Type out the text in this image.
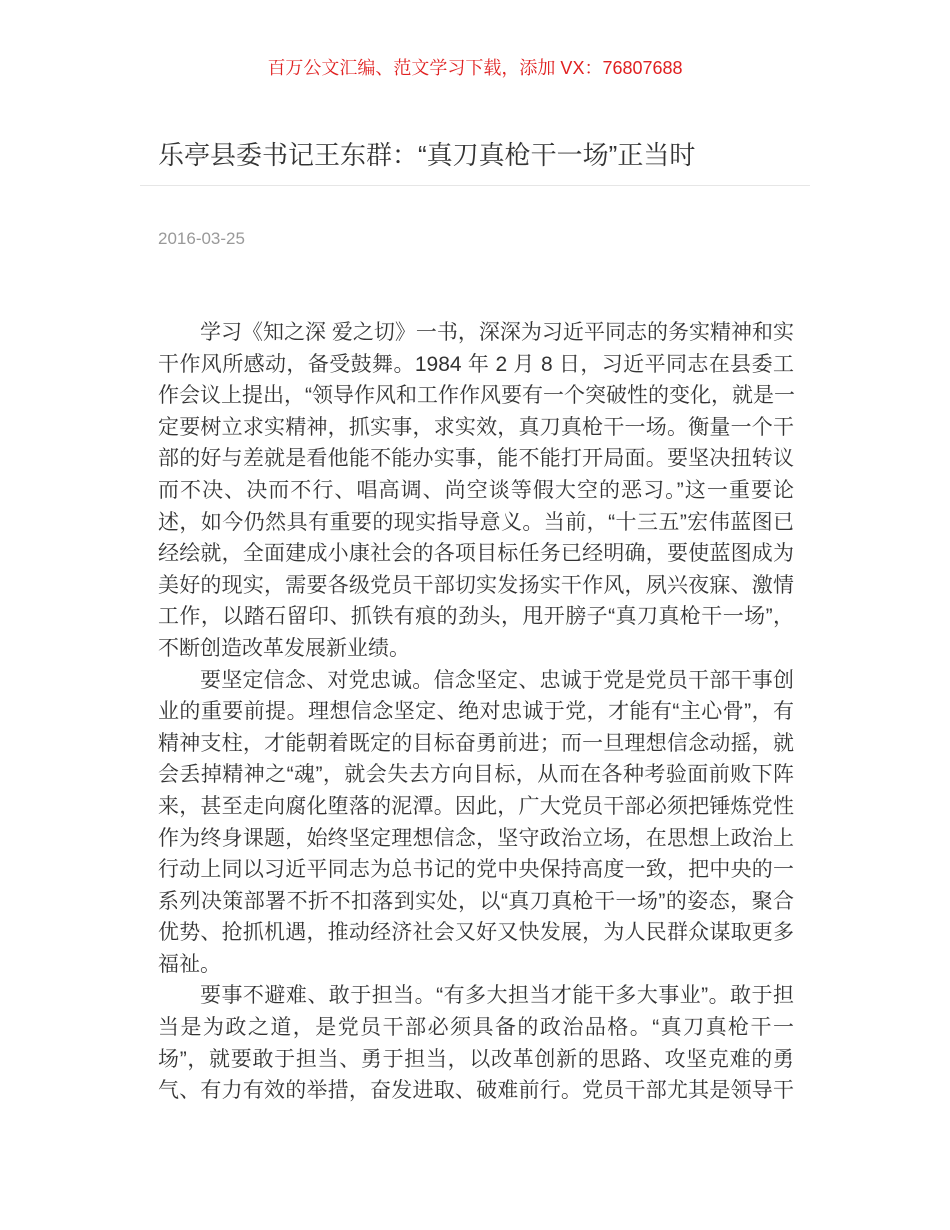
百万公文汇编、范文学习下载，添加 VX：76807688
乐亭县委书记王东群：“真刀真枪干一场”正当时
2016-03-25
学习《知之深 爱之切》一书，深深为习近平同志的务实精神和实
干作风所感动，备受鼓舞。1984 年 2 月 8 日，习近平同志在县委工
作会议上提出，“领导作风和工作作风要有一个突破性的变化，就是一
定要树立求实精神，抓实事，求实效，真刀真枪干一场。衡量一个干
部的好与差就是看他能不能办实事，能不能打开局面。要坚决扭转议
而不决、决而不行、唱高调、尚空谈等假大空的恶习。”这一重要论
述，如今仍然具有重要的现实指导意义。当前，“十三五”宏伟蓝图已
经绘就，全面建成小康社会的各项目标任务已经明确，要使蓝图成为
美好的现实，需要各级党员干部切实发扬实干作风，夙兴夜寐、激情
工作，以踏石留印、抓铁有痕的劲头，甩开膀子“真刀真枪干一场”，
不断创造改革发展新业绩。
要坚定信念、对党忠诚。信念坚定、忠诚于党是党员干部干事创
业的重要前提。理想信念坚定、绝对忠诚于党，才能有“主心骨”，有
精神支柱，才能朝着既定的目标奋勇前进；而一旦理想信念动摇，就
会丢掉精神之“魂”，就会失去方向目标，从而在各种考验面前败下阵
来，甚至走向腐化堕落的泥潭。因此，广大党员干部必须把锤炼党性
作为终身课题，始终坚定理想信念，坚守政治立场，在思想上政治上
行动上同以习近平同志为总书记的党中央保持高度一致，把中央的一
系列决策部署不折不扣落到实处，以“真刀真枪干一场”的姿态，聚合
优势、抢抓机遇，推动经济社会又好又快发展，为人民群众谋取更多
福祉。
要事不避难、敢于担当。“有多大担当才能干多大事业”。敢于担
当是为政之道，是党员干部必须具备的政治品格。“真刀真枪干一
场”，就要敢于担当、勇于担当，以改革创新的思路、攻坚克难的勇
气、有力有效的举措，奋发进取、破难前行。党员干部尤其是领导干
